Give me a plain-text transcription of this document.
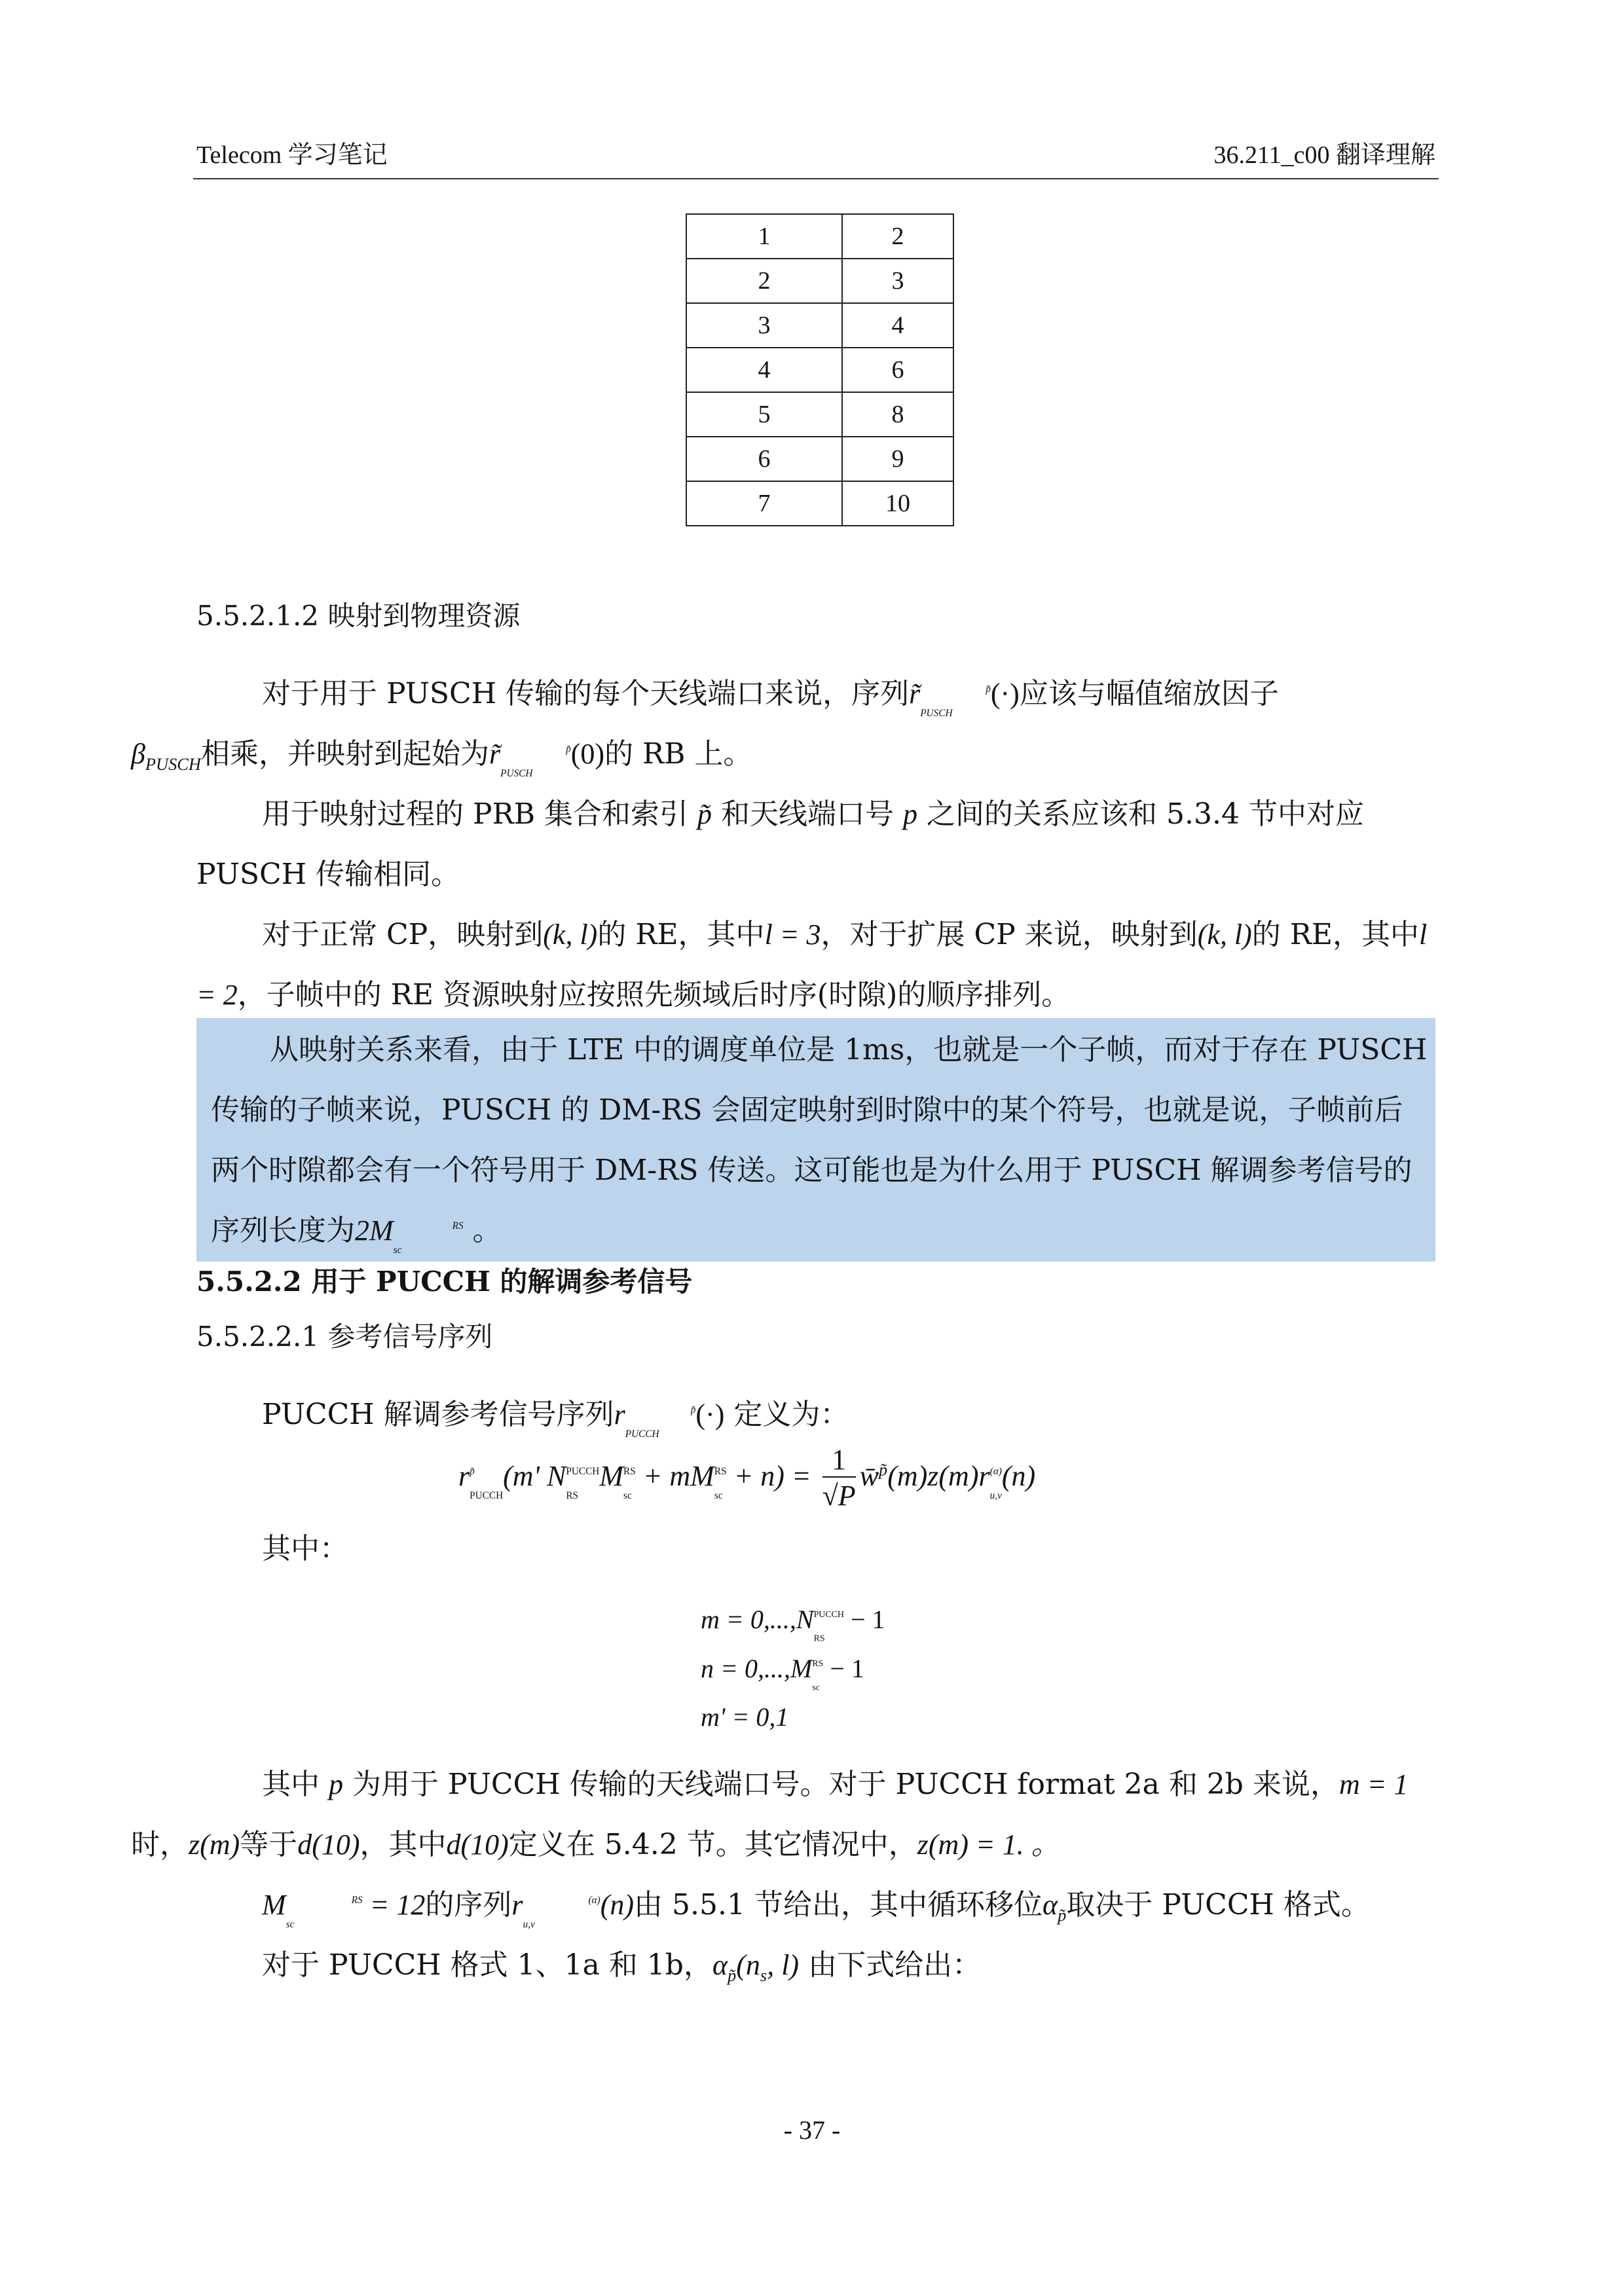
Telecom 学习笔记	36.211_c00 翻译理解
1	2
2	3
3	4
4	6
5	8
6	9
7	10
5.5.2.1.2 映射到物理资源
对于用于 PUSCH 传输的每个天线端口来说，序列r̃	$^{p̃}$
$_{PUSCH}$(·)应该与幅值缩放因子
$\beta_{PUSCH}$相乘，并映射到起始为r̃	$^{p̃}$
$_{PUSCH}$(0)的 RB 上。
用于映射过程的 PRB 集合和索引 p̃ 和天线端口号 p 之间的关系应该和 5.3.4 节中对应 PUSCH 传输相同。
对于正常 CP，映射到(k, l)的 RE，其中l = 3，对于扩展 CP 来说，映射到(k, l)的 RE，其中l = 2，子帧中的 RE 资源映射应按照先频域后时序(时隙)的顺序排列。
从映射关系来看，由于 LTE 中的调度单位是 1ms，也就是一个子帧，而对于存在 PUSCH 传输的子帧来说，PUSCH 的 DM-RS 会固定映射到时隙中的某个符号，也就是说，子帧前后两个时隙都会有一个符号用于 DM-RS 传送。这可能也是为什么用于 PUSCH 解调参考信号的序列长度为2M	$^{RS}$
$_{sc}$ 。
5.5.2.2 用于 PUCCH 的解调参考信号
5.5.2.2.1 参考信号序列
PUCCH 解调参考信号序列r	$^{p̃}$
$_{PUCCH}$(·) 定义为：
$r^{p̃}$
$_{PUCCH}$(m' $N^{PUCCH}$
$_{RS}M^{RS}$
$_{sc} + mM^{RS}$
$_{sc} + n) = \frac{1}{√P}$ $w̄^{p̃}(m)z(m)r^{(\alpha)}$
$_{u,v}$(n)
其中：
$m = 0,...,N^{PUCCH}$
$_{RS}$ − 1
$n = 0,...,M^{RS}$
$_{sc}$ − 1
m' = 0,1
其中 p 为用于 PUCCH 传输的天线端口号。对于 PUCCH format 2a 和 2b 来说，m = 1
时，z(m)等于d(10)，其中d(10)定义在 5.4.2 节。其它情况中，z(m) = 1. 。
M	$^{RS}$
$_{sc}$ = 12的序列r	$^{(\alpha)}$
$_{u,v}$(n)由 5.5.1 节给出，其中循环移位$\alpha_{p̃}$取决于 PUCCH 格式。
对于 PUCCH 格式 1、1a 和 1b，$\alpha_{p̃}(n_s$, l) 由下式给出：
- 37 -
